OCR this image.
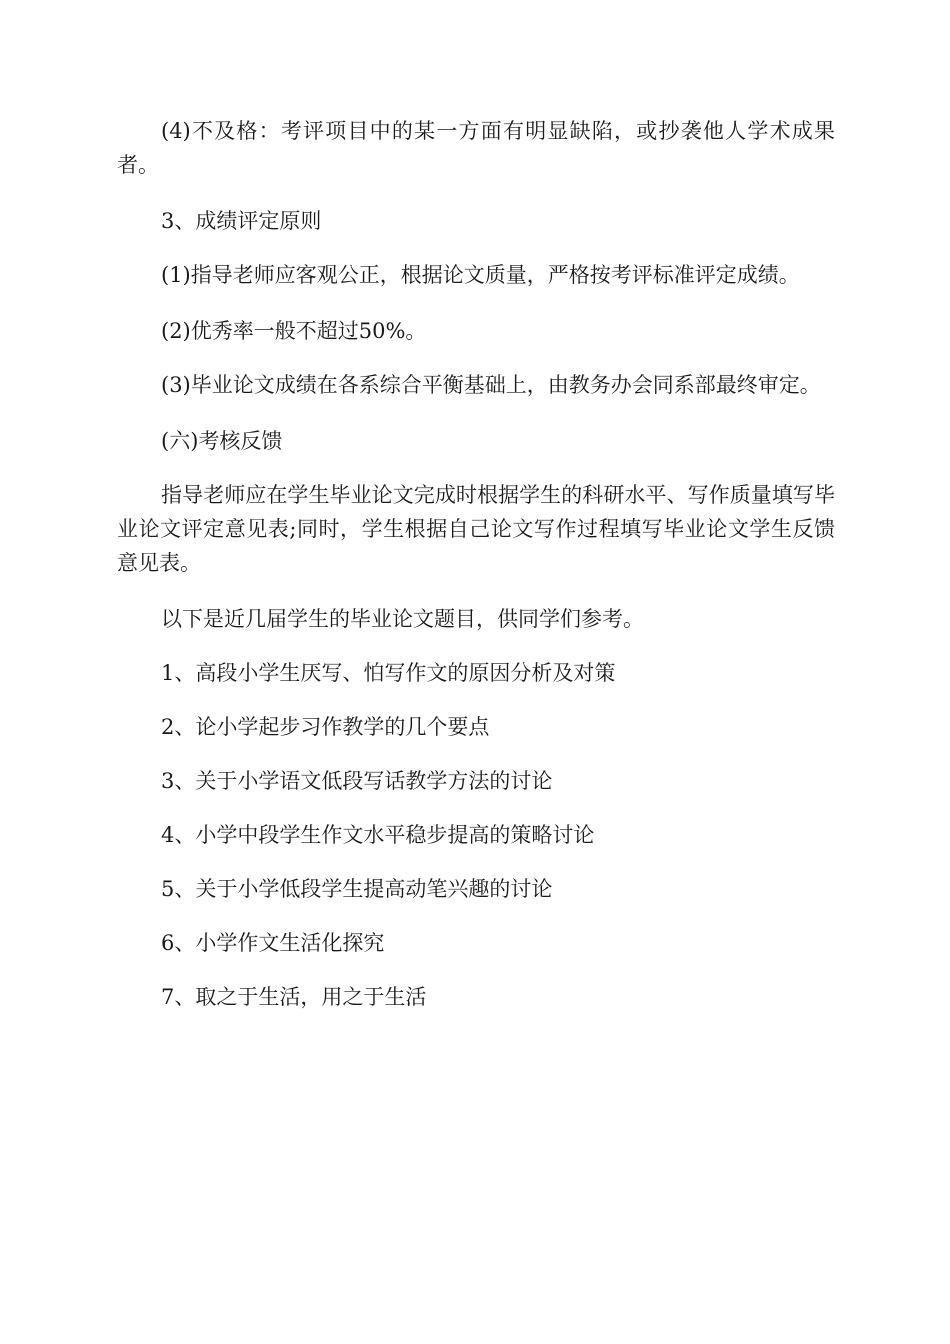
(4)不及格：考评项目中的某一方面有明显缺陷，或抄袭他人学术成果者。

3、成绩评定原则

(1)指导老师应客观公正，根据论文质量，严格按考评标准评定成绩。

(2)优秀率一般不超过50%。

(3)毕业论文成绩在各系综合平衡基础上，由教务办会同系部最终审定。

(六)考核反馈

指导老师应在学生毕业论文完成时根据学生的科研水平、写作质量填写毕业论文评定意见表;同时，学生根据自己论文写作过程填写毕业论文学生反馈意见表。

以下是近几届学生的毕业论文题目，供同学们参考。

1、高段小学生厌写、怕写作文的原因分析及对策

2、论小学起步习作教学的几个要点

3、关于小学语文低段写话教学方法的讨论

4、小学中段学生作文水平稳步提高的策略讨论

5、关于小学低段学生提高动笔兴趣的讨论

6、小学作文生活化探究

7、取之于生活，用之于生活
